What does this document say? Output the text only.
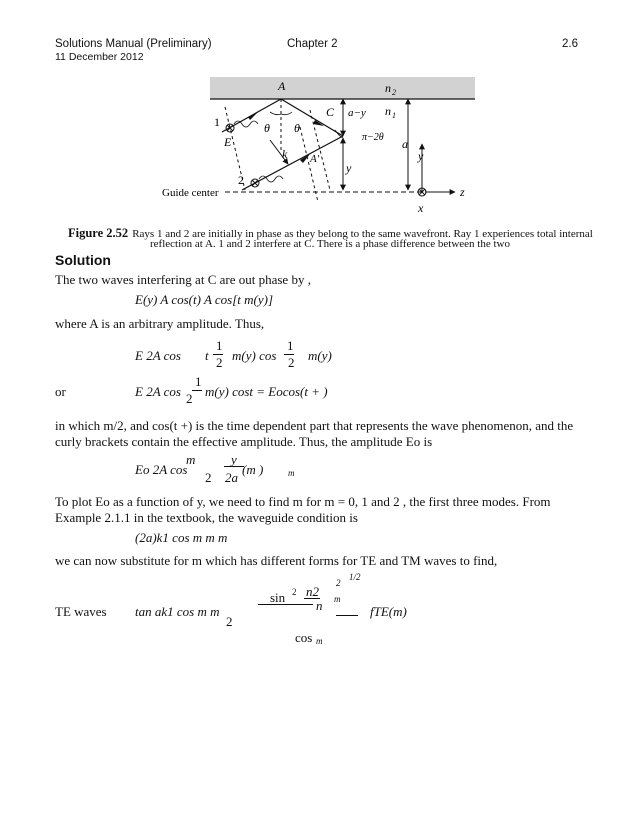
Solutions Manual (Preliminary)	Chapter 2	2.6
11 December 2012
A	n 2
n 1
C a−y
π−2θ a
y
y
θ θ
1
2
E
k A′
Guide center	z
x
Figure 2.52 Rays 1 and 2 are initially in phase as they belong to the same wavefront. Ray 1 experiences total internal
reflection at A. 1 and 2 interfere at C. There is a phase difference between the two
Solution
The two waves interfering at C are out phase by ,
E(y) A cos(t) A cos[t m(y)]
where A is an arbitrary amplitude. Thus,
E 2A cos t
1
2 m(y) cos
1
2 m(y)
or	E 2A cos
1
2 m(y) cost = Eocos(t + )
in which m/2, and cos(t +) is the time dependent part that represents the wave phenomenon, and the
curly brackets contain the effective amplitude. Thus, the amplitude Eo is
Eo 2A cos
m
2
y
2a
(m )	m
To plot Eo as a function of y, we need to find m for m = 0, 1 and 2 , the first three modes. From
Example 2.1.1 in the textbook, the waveguide condition is
(2a)k1 cos m m m
we can now substitute for m which has different forms for TE and TM waves to find,
2
1/2
sin 2 n2 m
n
TE waves tan ak1 cos m m
2
fTE(m)
cos m
